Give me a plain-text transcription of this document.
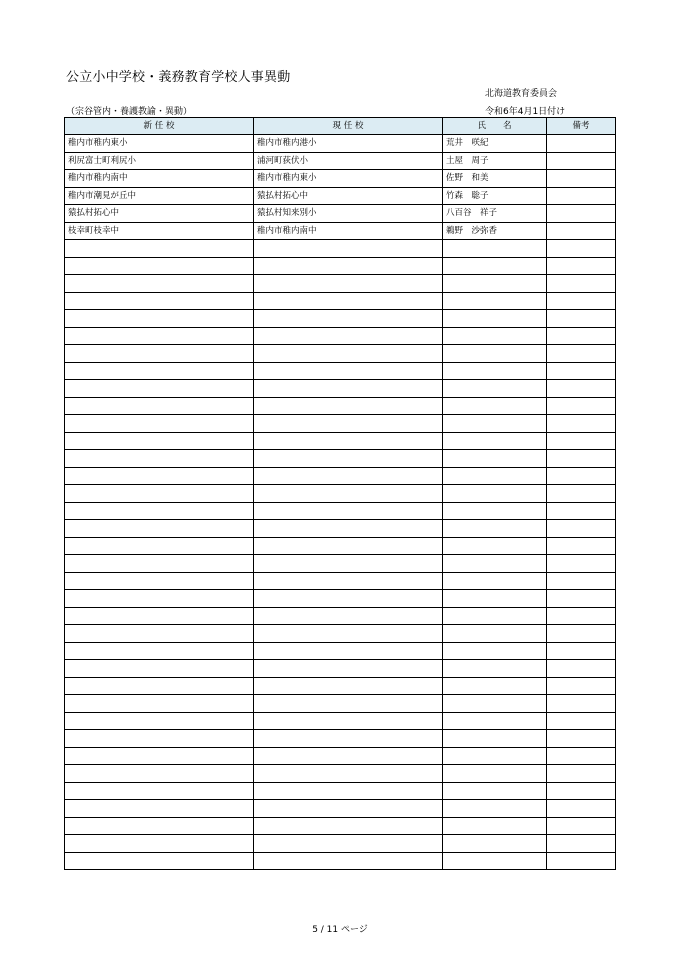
公立小中学校・義務教育学校人事異動
北海道教育委員会
（宗谷管内・養護教諭・異動）	令和6年4月1日付け
新 任 校	現 任 校	氏　　名	備考
稚内市稚内東小	稚内市稚内港小	荒井　咲紀	
利尻富士町利尻小	浦河町荻伏小	土屋　周子	
稚内市稚内南中	稚内市稚内東小	佐野　和美	
稚内市潮見が丘中	猿払村拓心中	竹森　聡子	
猿払村拓心中	猿払村知来別小	八百谷　祥子	
枝幸町枝幸中	稚内市稚内南中	鵜野　沙弥香	

5 / 11 ページ
